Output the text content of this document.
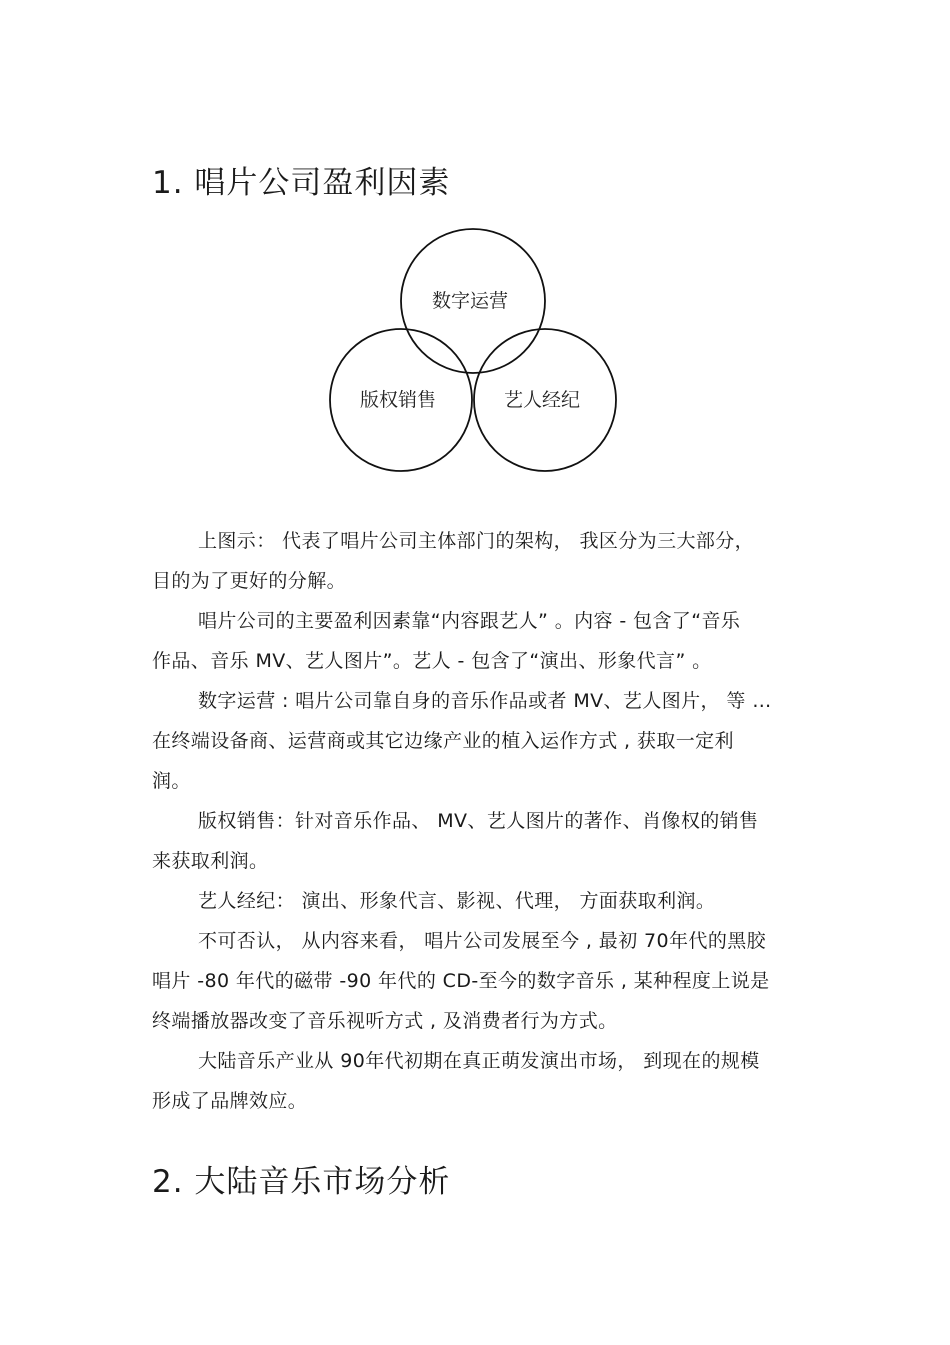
1. 唱片公司盈利因素
数字运营
版权销售	艺人经纪
上图示： 代表了唱片公司主体部门的架构， 我区分为三大部分，
目的为了更好的分解。
唱片公司的主要盈利因素靠“内容跟艺人” 。内容 - 包含了“音乐
作品、音乐 MV、艺人图片”。艺人 - 包含了“演出、形象代言” 。
数字运营 : 唱片公司靠自身的音乐作品或者 MV、艺人图片， 等 …
在终端设备商、运营商或其它边缘产业的植入运作方式 , 获取一定利
润。
版权销售：针对音乐作品、 MV、艺人图片的著作、肖像权的销售
来获取利润。
艺人经纪： 演出、形象代言、影视、代理， 方面获取利润。
不可否认， 从内容来看， 唱片公司发展至今 , 最初 70年代的黑胶
唱片 -80 年代的磁带 -90 年代的 CD-至今的数字音乐 , 某种程度上说是
终端播放器改变了音乐视听方式 , 及消费者行为方式。
大陆音乐产业从 90年代初期在真正萌发演出市场， 到现在的规模
形成了品牌效应。
2. 大陆音乐市场分析
